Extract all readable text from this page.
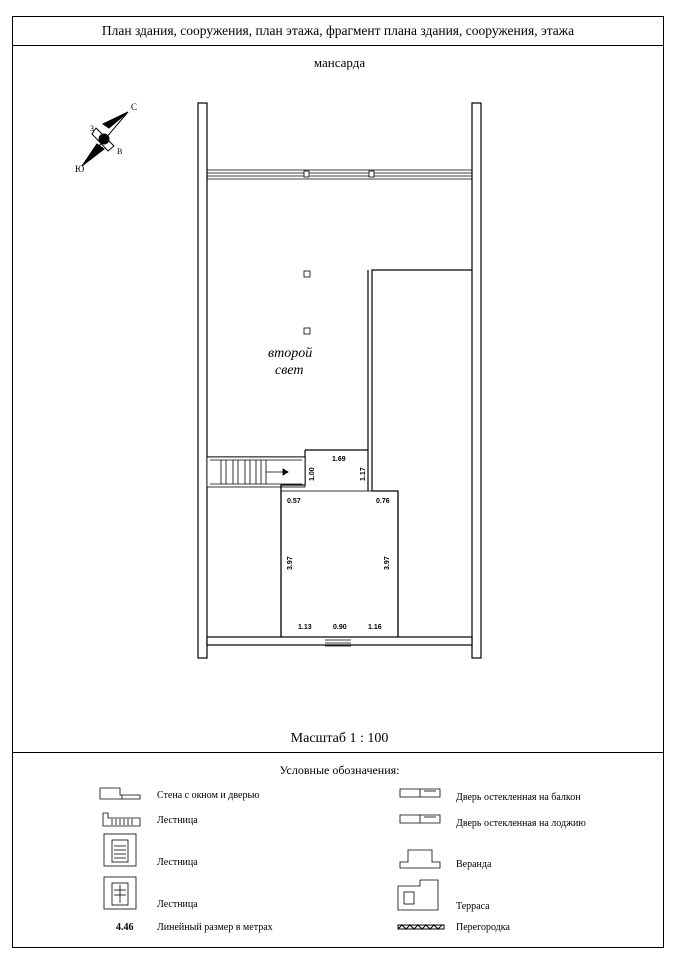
План здания, сооружения, план этажа, фрагмент плана здания, сооружения, этажа
мансарда
С
Ю
В
З
второй
свет
1.69
1.00	1.17
0.57	0.76
3.97	3.97
1.13	0.90	1.16
Масштаб 1 : 100
Условные обозначения:
Стена с окном и дверью
Лестница
Лестница
Лестница
4.46 Линейный размер в метрах
Дверь остекленная на балкон
Дверь остекленная на лоджию
Веранда
Терраса
Перегородка
